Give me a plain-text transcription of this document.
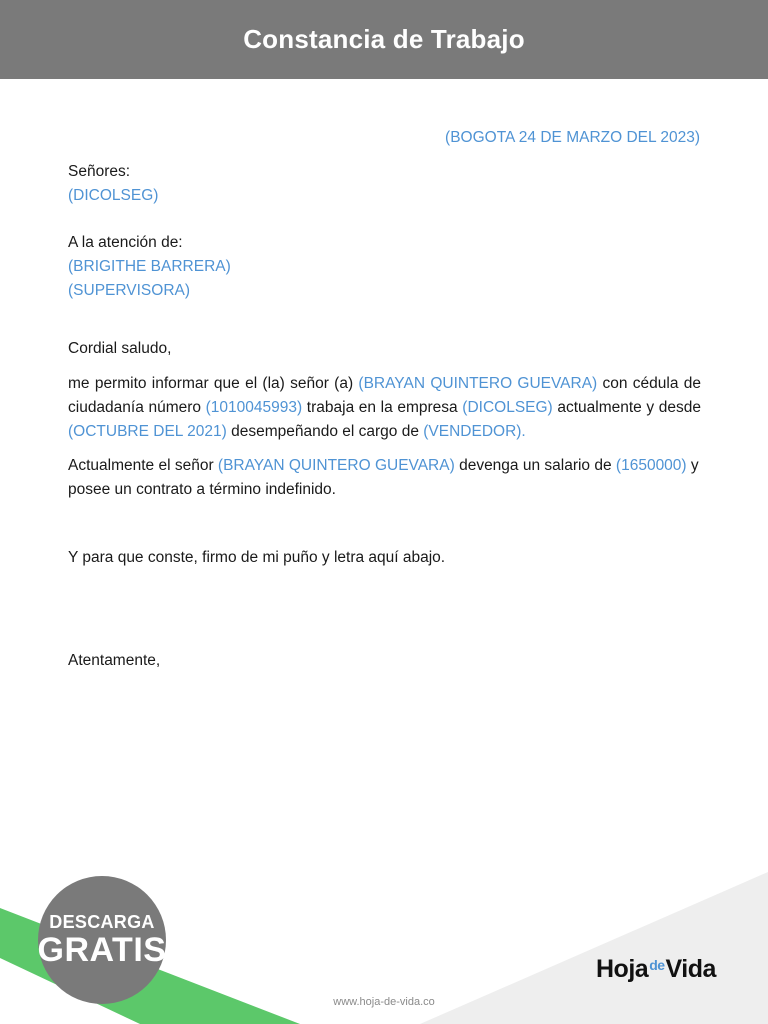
Constancia de Trabajo
(BOGOTA 24 DE MARZO DEL 2023)
Señores:
(DICOLSEG)
A la atención de:
(BRIGITHE BARRERA)
(SUPERVISORA)
Cordial saludo,
me permito informar que el (la) señor (a) (BRAYAN QUINTERO GUEVARA) con cédula de ciudadanía número (1010045993) trabaja en la empresa (DICOLSEG) actualmente y desde (OCTUBRE DEL 2021) desempeñando el cargo de (VENDEDOR).
Actualmente el señor (BRAYAN QUINTERO GUEVARA) devenga un salario de (1650000) y posee un contrato a término indefinido.
Y para que conste, firmo de mi puño y letra aquí abajo.
Atentamente,
DESCARGA
GRATIS	Hoja de Vida
www.hoja-de-vida.co
